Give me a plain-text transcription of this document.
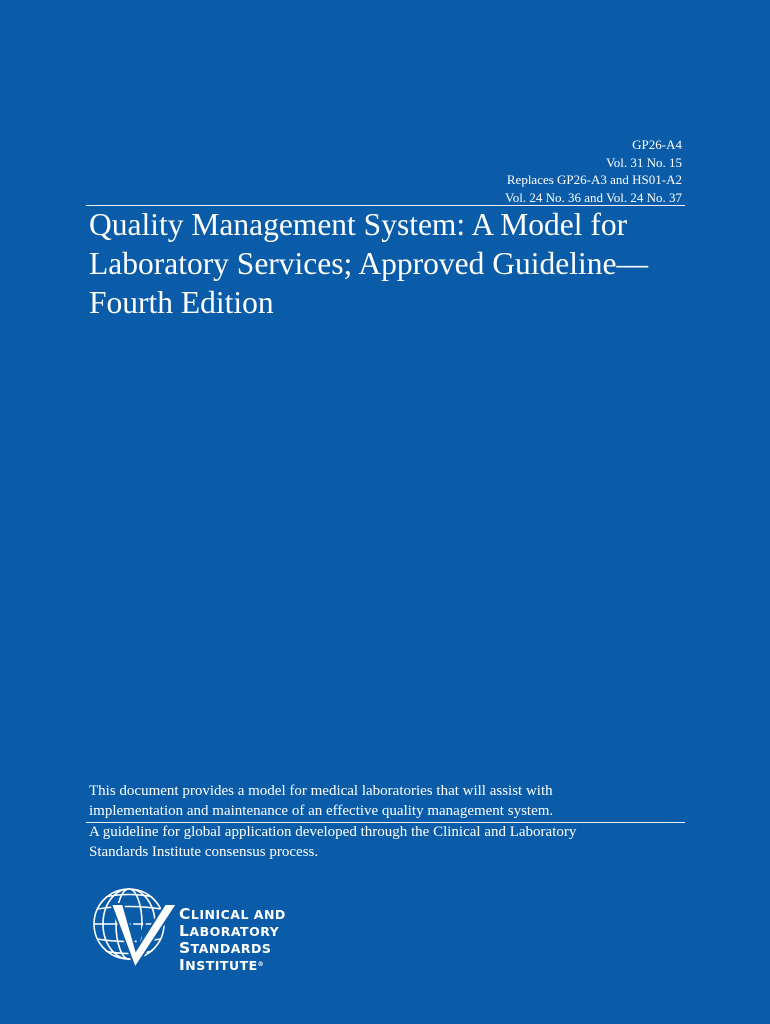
GP26-A4
Vol. 31 No. 15
Replaces GP26-A3 and HS01-A2
Vol. 24 No. 36 and Vol. 24 No. 37
Quality Management System: A Model for
Laboratory Services; Approved Guideline—
Fourth Edition

This document provides a model for medical laboratories that will assist with
implementation and maintenance of an effective quality management system.

A guideline for global application developed through the Clinical and Laboratory
Standards Institute consensus process.

CLINICAL AND
LABORATORY
STANDARDS
INSTITUTE®
